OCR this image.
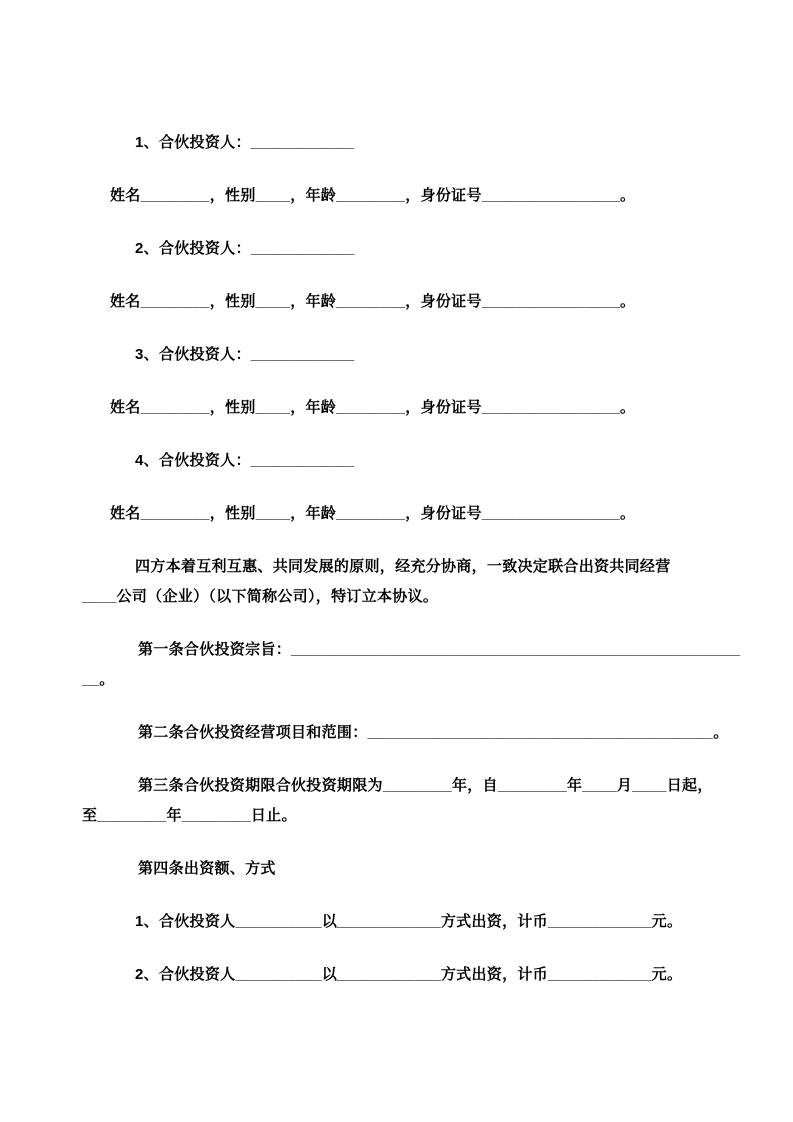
1、合伙投资人：____________

姓名________，性别____，年龄________，身份证号________________。

2、合伙投资人：____________

姓名________，性别____，年龄________，身份证号________________。

3、合伙投资人：____________

姓名________，性别____，年龄________，身份证号________________。

4、合伙投资人：____________

姓名________，性别____，年龄________，身份证号________________。

四方本着互利互惠、共同发展的原则，经充分协商，一致决定联合出资共同经营

____公司（企业）（以下简称公司），特订立本协议。

第一条合伙投资宗旨：____________________________________________________

__。

第二条合伙投资经营项目和范围：________________________________________。

第三条合伙投资期限合伙投资期限为________年，自________年____月____日起，

至________年________日止。

第四条出资额、方式

1、合伙投资人__________以____________方式出资，计币____________元。

2、合伙投资人__________以____________方式出资，计币____________元。
